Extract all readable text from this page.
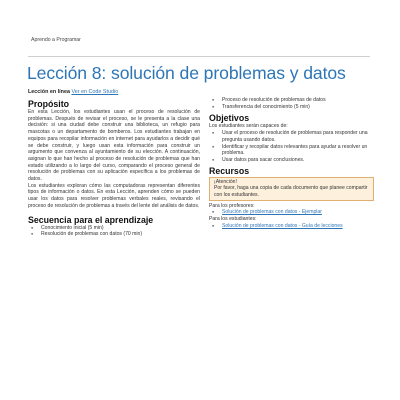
Aprendo a Programar
Lección 8: solución de problemas y datos
Lección en línea Ver en Code Studio
Propósito

En esta Lección, los estudiantes usan el proceso de resolución de problemas. Después de revisar el proceso, se le presenta a la clase una decisión: si una ciudad debe construir una biblioteca, un refugio para mascotas o un departamento de bomberos. Los estudiantes trabajan en equipos para recopilar información en internet para ayudarlos a decidir qué se debe construir, y luego usan esta información para construir un argumento que convenza al ayuntamiento de su elección. A continuación, asignan lo que han hecho al proceso de resolución de problemas que han estado utilizando a lo largo del curso, comparando el proceso general de resolución de problemas con su aplicación específica a los problemas de datos.

Los estudiantes exploran cómo las computadoras representan diferentes tipos de información o datos. En esta Lección, aprenden cómo se pueden usar los datos para resolver problemas verbales reales, revisando el proceso de resolución de problemas a través del lente del análisis de datos.

Secuencia para el aprendizaje
● Conocimiento inicial (5 min)
● Resolución de problemas con datos (70 min)
● Proceso de resolución de problemas de datos
● Transferencia del conocimiento (5 min)
Objetivos

Los estudiantes serán capaces de:

● Usar el proceso de resolución de problemas para responder una pregunta usando datos.
● Identificar y recopilar datos relevantes para ayudar a resolver un problema.
● Usar datos para sacar conclusiones.
Recursos
¡Atención!
Por favor, haga una copia de cada documento que planee compartir con los estudiantes.

Para los profesores:

● Solución de problemas con datos - Ejemplar

Para los estudiantes:

● Solución de problemas con datos - Guía de lecciones
